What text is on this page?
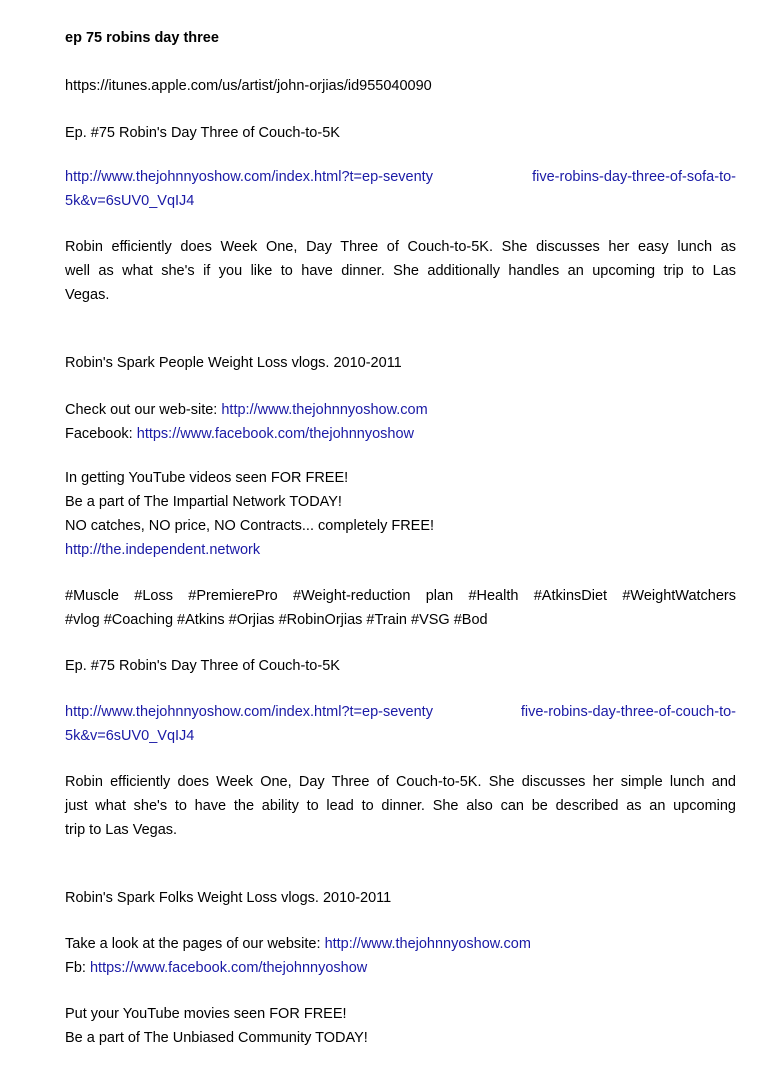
ep 75 robins day three
https://itunes.apple.com/us/artist/john-orjias/id955040090
Ep. #75 Robin's Day Three of Couch-to-5K
http://www.thejohnnyoshow.com/index.html?t=ep-seventy five-robins-day-three-of-sofa-to-
5k&v=6sUV0_VqIJ4
Robin efficiently does Week One, Day Three of Couch-to-5K. She discusses her easy lunch as
well as what she's if you like to have dinner. She additionally handles an upcoming trip to Las
Vegas.
Robin's Spark People Weight Loss vlogs. 2010-2011
Check out our web-site: http://www.thejohnnyoshow.com
Facebook: https://www.facebook.com/thejohnnyoshow
In getting YouTube videos seen FOR FREE!
Be a part of The Impartial Network TODAY!
NO catches, NO price, NO Contracts... completely FREE!
http://the.independent.network
#Muscle #Loss #PremierePro #Weight-reduction plan #Health #AtkinsDiet #WeightWatchers
#vlog #Coaching #Atkins #Orjias #RobinOrjias #Train #VSG #Bod
Ep. #75 Robin's Day Three of Couch-to-5K
http://www.thejohnnyoshow.com/index.html?t=ep-seventy five-robins-day-three-of-couch-to-
5k&v=6sUV0_VqIJ4
Robin efficiently does Week One, Day Three of Couch-to-5K. She discusses her simple lunch and
just what she's to have the ability to lead to dinner. She also can be described as an upcoming
trip to Las Vegas.
Robin's Spark Folks Weight Loss vlogs. 2010-2011
Take a look at the pages of our website: http://www.thejohnnyoshow.com
Fb: https://www.facebook.com/thejohnnyoshow
Put your YouTube movies seen FOR FREE!
Be a part of The Unbiased Community TODAY!
